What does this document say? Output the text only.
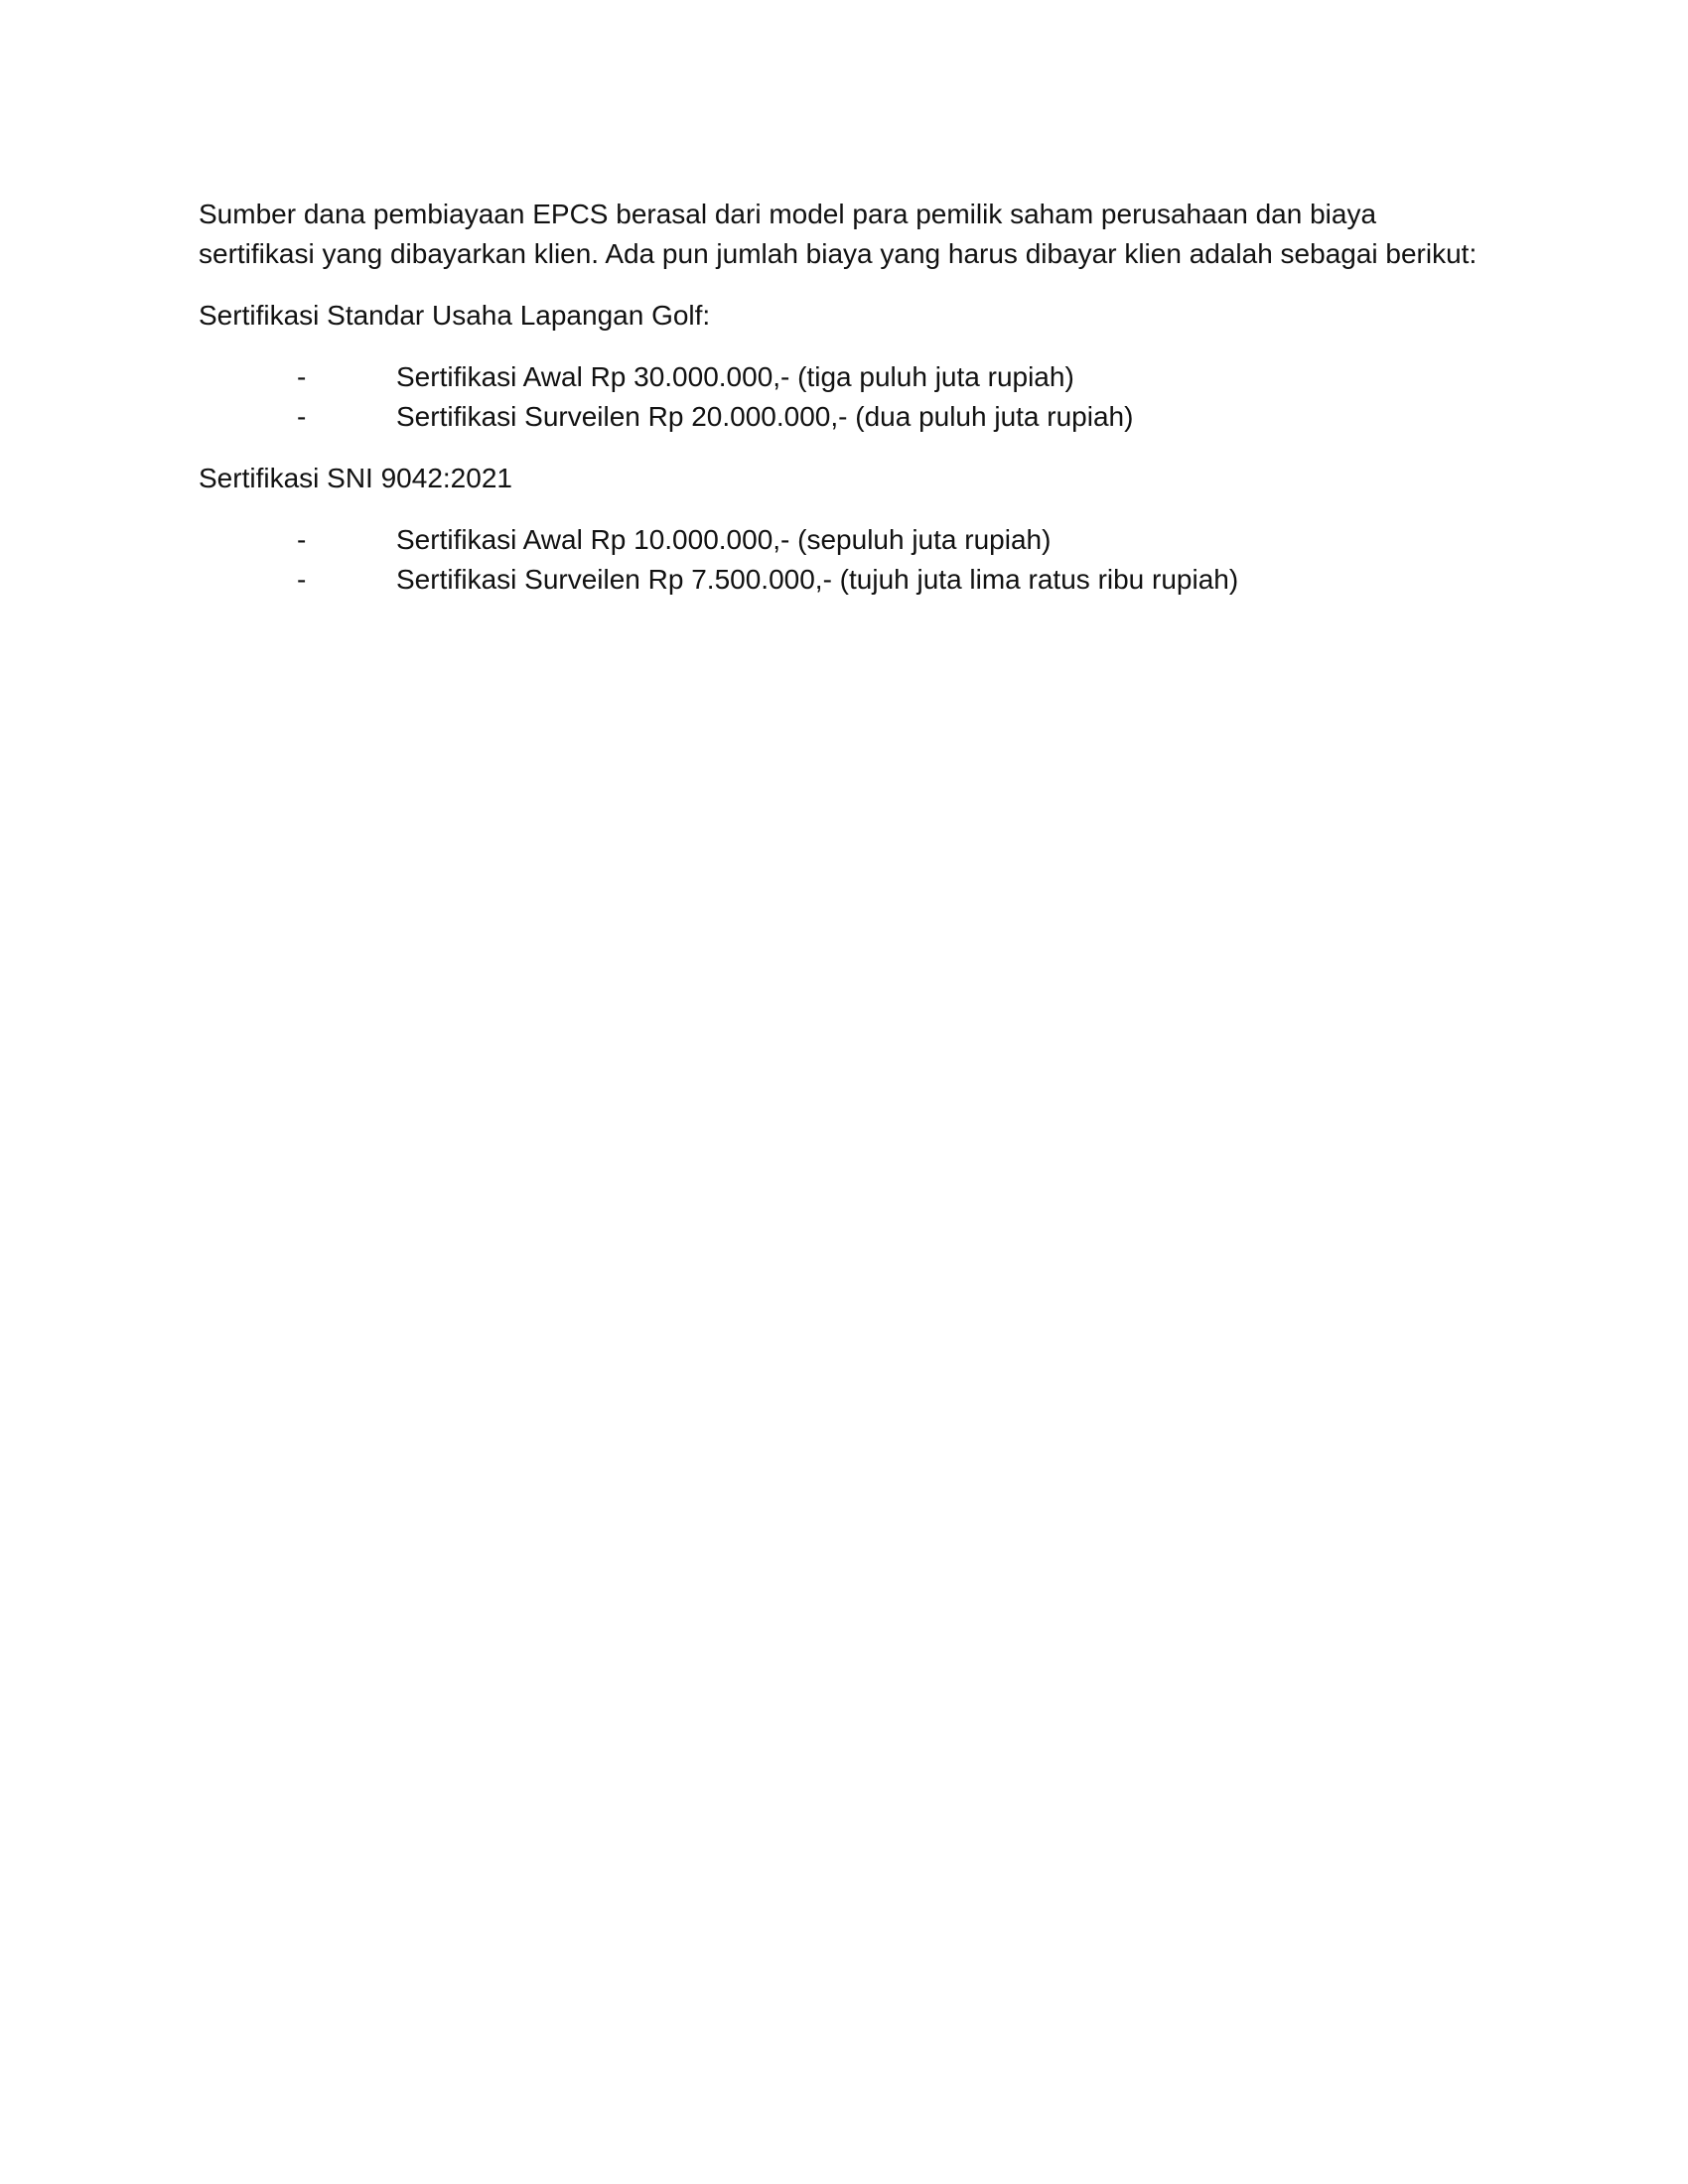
Sumber dana pembiayaan EPCS berasal dari model para pemilik saham perusahaan dan biaya sertifikasi yang dibayarkan klien. Ada pun jumlah biaya yang harus dibayar klien adalah sebagai berikut:

Sertifikasi Standar Usaha Lapangan Golf:

-	Sertifikasi Awal Rp 30.000.000,- (tiga puluh juta rupiah)
-	Sertifikasi Surveilen Rp 20.000.000,- (dua puluh juta rupiah)

Sertifikasi SNI 9042:2021

-	Sertifikasi Awal Rp 10.000.000,- (sepuluh juta rupiah)
-	Sertifikasi Surveilen Rp 7.500.000,- (tujuh juta lima ratus ribu rupiah)
